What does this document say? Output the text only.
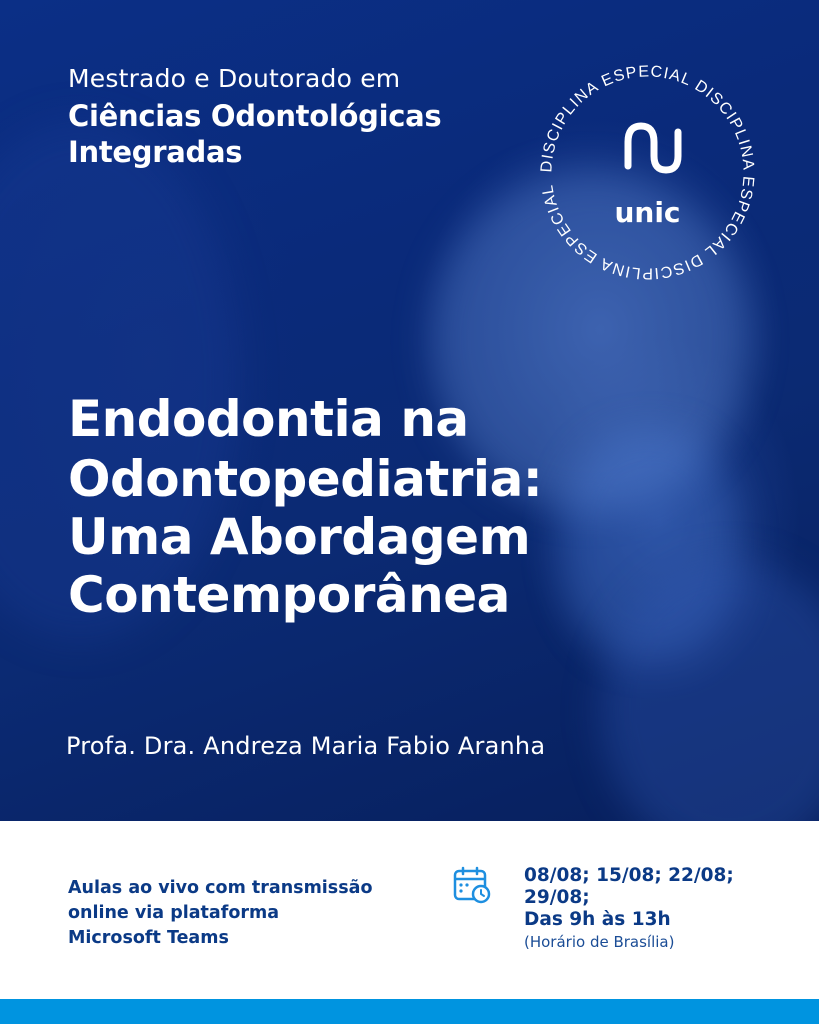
Mestrado e Doutorado em
Ciências Odontológicas
Integradas	DISCIPLINA ESPECIAL DISCIPLINA ESPECIAL DISCIPLINA ESPECIAL
unic
Endodontia na
Odontopediatria:
Uma Abordagem
Contemporânea
Profa. Dra. Andreza Maria Fabio Aranha
Aulas ao vivo com transmissão
online via plataforma
Microsoft Teams
08/08; 15/08; 22/08;
29/08;
Das 9h às 13h
(Horário de Brasília)
